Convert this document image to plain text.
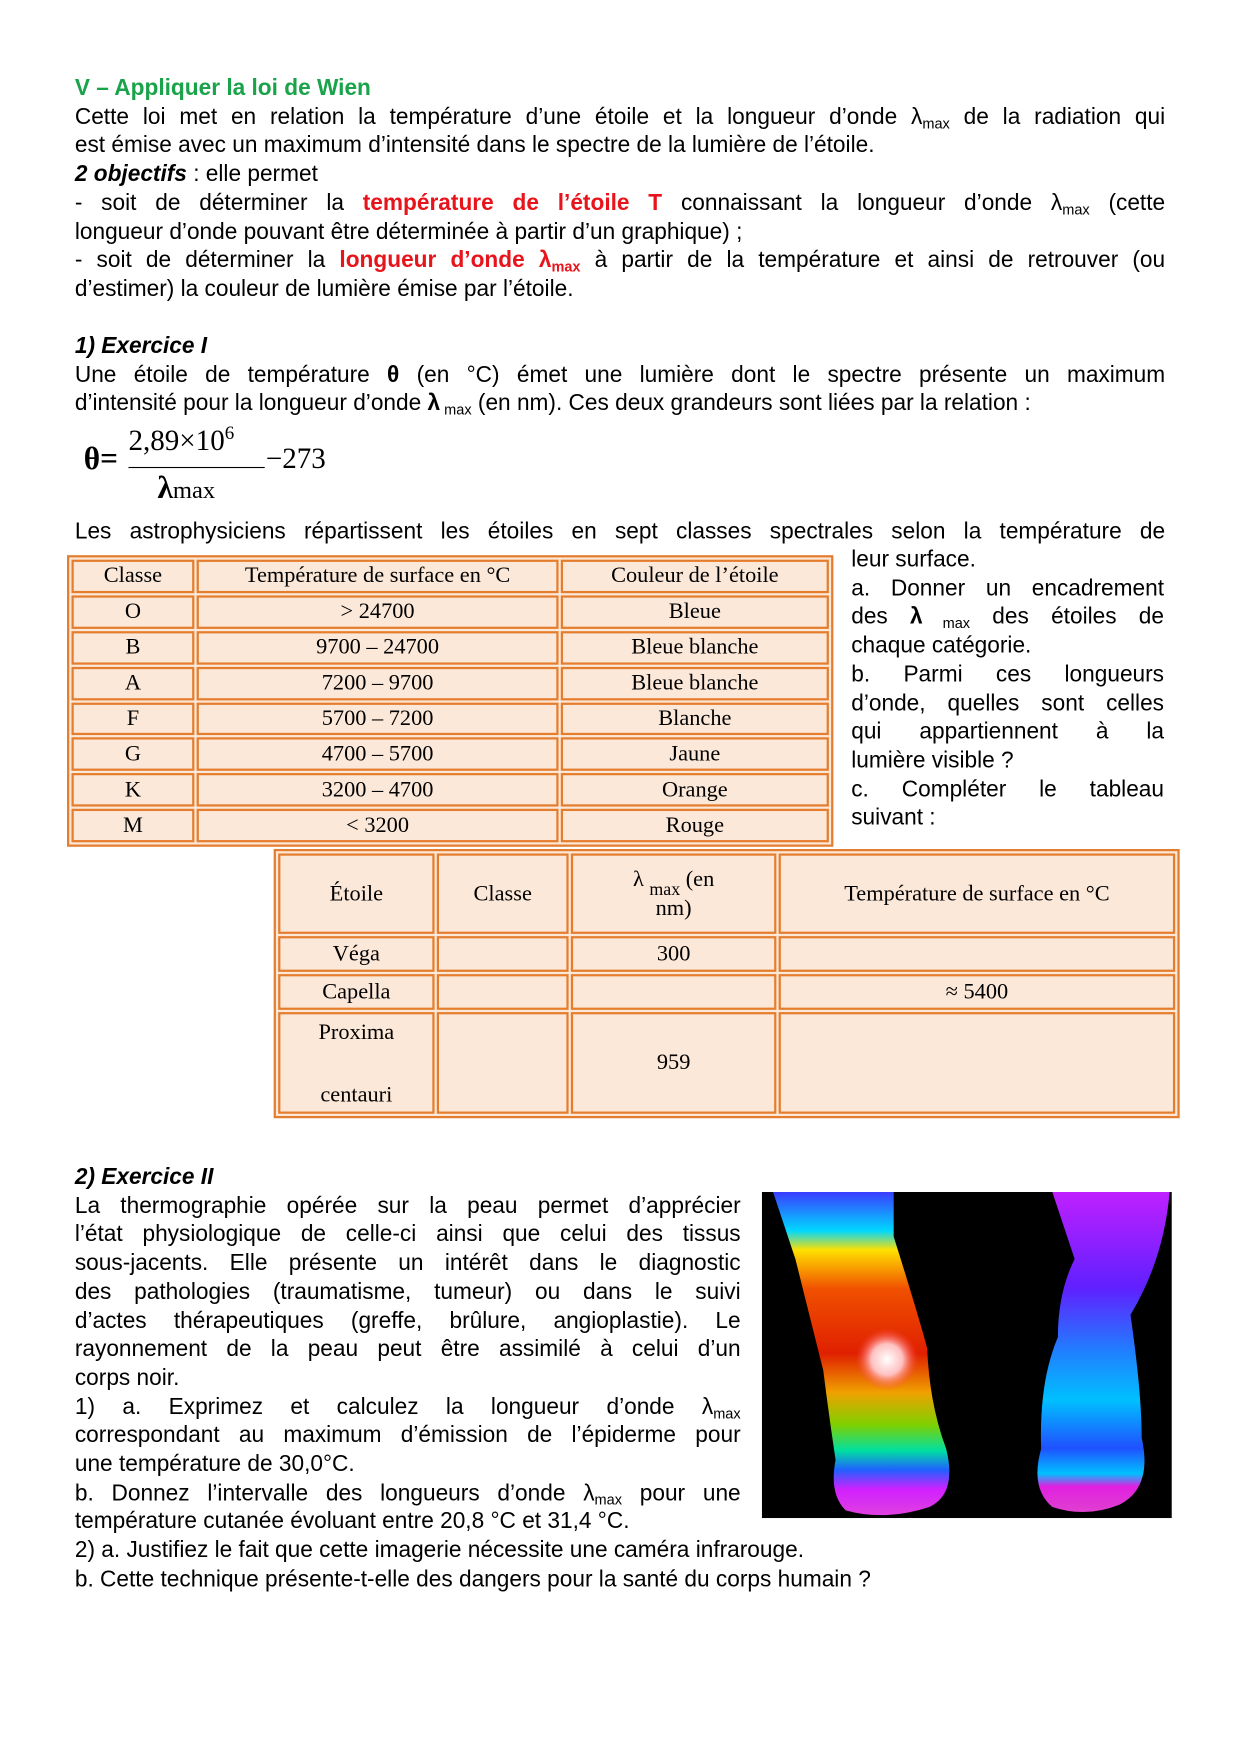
V – Appliquer la loi de Wien
Cette loi met en relation la température d’une étoile et la longueur d’onde $\lambda_{max}$ de la radiation qui
est émise avec un maximum d’intensité dans le spectre de la lumière de l’étoile.
2 objectifs : elle permet
- soit de déterminer la température de l’étoile T connaissant la longueur d’onde $\lambda_{max}$ (cette
longueur d’onde pouvant être déterminée à partir d’un graphique) ;
- soit de déterminer la longueur d’onde $\lambda_{max}$ à partir de la température et ainsi de retrouver (ou
d’estimer) la couleur de lumière émise par l’étoile.
1) Exercice I
Une étoile de température θ (en °C) émet une lumière dont le spectre présente un maximum
d’intensité pour la longueur d’onde λ $_{max}$ (en nm). Ces deux grandeurs sont liées par la relation :
θ=
$2,89\times 10^6$
λmax
−273
Les astrophysiciens répartissent les étoiles en sept classes spectrales selon la température de
leur surface.
a. Donner un encadrement
des λ $_{max}$ des étoiles de
chaque catégorie.
b. Parmi ces longueurs
d’onde, quelles sont celles
qui appartiennent à la
lumière visible ?
c. Compléter le tableau
suivant :
Classe	Température de surface en °C	Couleur de l’étoile
O	> 24700	Bleue
B	9700 – 24700	Bleue blanche
A	7200 – 9700	Bleue blanche
F	5700 – 7200	Blanche
G	4700 – 5700	Jaune
K	3200 – 4700	Orange
M	< 3200	Rouge
Étoile	Classe	λ $_{max}$ (en
nm)	Température de surface en °C
Véga		300	
Capella			≈ 5400
Proxima

centauri		959	
2) Exercice II
La thermographie opérée sur la peau permet d’apprécier
l’état physiologique de celle-ci ainsi que celui des tissus
sous-jacents. Elle présente un intérêt dans le diagnostic
des pathologies (traumatisme, tumeur) ou dans le suivi
d’actes thérapeutiques (greffe, brûlure, angioplastie). Le
rayonnement de la peau peut être assimilé à celui d’un
corps noir.
1) a. Exprimez et calculez la longueur d’onde $\lambda_{max}$
correspondant au maximum d’émission de l’épiderme pour
une température de 30,0°C.
b. Donnez l’intervalle des longueurs d’onde $\lambda_{max}$ pour une
température cutanée évoluant entre 20,8 °C et 31,4 °C.
2) a. Justifiez le fait que cette imagerie nécessite une caméra infrarouge.
b. Cette technique présente-t-elle des dangers pour la santé du corps humain ?
